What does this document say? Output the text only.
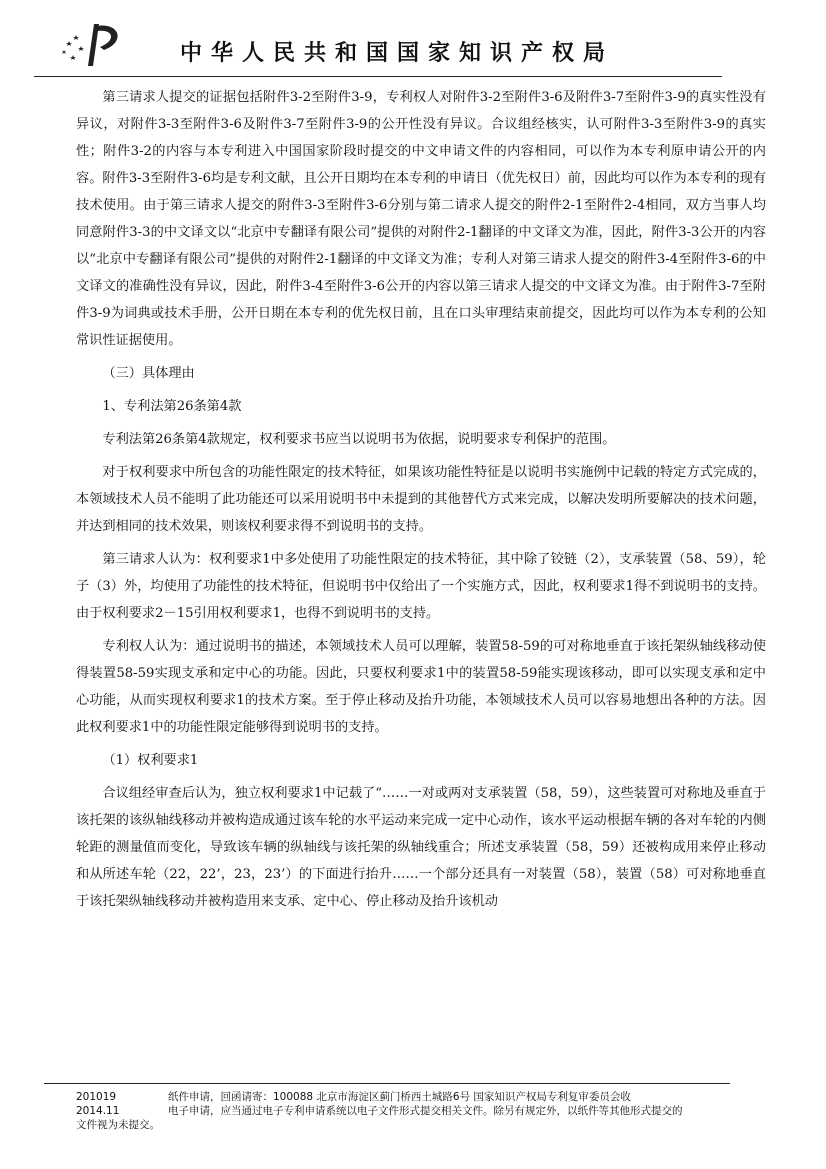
中华人民共和国国家知识产权局

第三请求人提交的证据包括附件3-2至附件3-9，专利权人对附件3-2至附件3-6及附件3-7至附件3-9的真实性没有异议，对附件3-3至附件3-6及附件3-7至附件3-9的公开性没有异议。合议组经核实，认可附件3-3至附件3-9的真实性；附件3-2的内容与本专利进入中国国家阶段时提交的中文申请文件的内容相同，可以作为本专利原申请公开的内容。附件3-3至附件3-6均是专利文献，且公开日期均在本专利的申请日（优先权日）前，因此均可以作为本专利的现有技术使用。由于第三请求人提交的附件3-3至附件3-6分别与第二请求人提交的附件2-1至附件2-4相同，双方当事人均同意附件3-3的中文译文以“北京中专翻译有限公司”提供的对附件2-1翻译的中文译文为准，因此，附件3-3公开的内容以“北京中专翻译有限公司”提供的对附件2-1翻译的中文译文为准；专利人对第三请求人提交的附件3-4至附件3-6的中文译文的准确性没有异议，因此，附件3-4至附件3-6公开的内容以第三请求人提交的中文译文为准。由于附件3-7至附件3-9为词典或技术手册，公开日期在本专利的优先权日前，且在口头审理结束前提交，因此均可以作为本专利的公知常识性证据使用。

（三）具体理由

1、专利法第26条第4款

专利法第26条第4款规定，权利要求书应当以说明书为依据，说明要求专利保护的范围。

对于权利要求中所包含的功能性限定的技术特征，如果该功能性特征是以说明书实施例中记载的特定方式完成的，本领域技术人员不能明了此功能还可以采用说明书中未提到的其他替代方式来完成，以解决发明所要解决的技术问题，并达到相同的技术效果，则该权利要求得不到说明书的支持。

第三请求人认为：权利要求1中多处使用了功能性限定的技术特征，其中除了铰链（2），支承装置（58、59），轮子（3）外，均使用了功能性的技术特征，但说明书中仅给出了一个实施方式，因此，权利要求1得不到说明书的支持。由于权利要求2－15引用权利要求1，也得不到说明书的支持。

专利权人认为：通过说明书的描述，本领域技术人员可以理解，装置58-59的可对称地垂直于该托架纵轴线移动使得装置58-59实现支承和定中心的功能。因此，只要权利要求1中的装置58-59能实现该移动，即可以实现支承和定中心功能，从而实现权利要求1的技术方案。至于停止移动及抬升功能，本领域技术人员可以容易地想出各种的方法。因此权利要求1中的功能性限定能够得到说明书的支持。

（1）权利要求1

合议组经审查后认为，独立权利要求1中记载了“……一对或两对支承装置（58，59），这些装置可对称地及垂直于该托架的该纵轴线移动并被构造成通过该车轮的水平运动来完成一定中心动作，该水平运动根据车辆的各对车轮的内侧轮距的测量值而变化，导致该车辆的纵轴线与该托架的纵轴线重合；所述支承装置（58，59）还被构成用来停止移动和从所述车轮（22，22’，23，23’）的下面进行抬升……一个部分还具有一对装置（58），装置（58）可对称地垂直于该托架纵轴线移动并被构造用来支承、定中心、停止移动及抬升该机动

201019	纸件申请，回函请寄：100088 北京市海淀区蓟门桥西土城路6号 国家知识产权局专利复审委员会收
2014.11	电子申请，应当通过电子专利申请系统以电子文件形式提交相关文件。除另有规定外，以纸件等其他形式提交的

文件视为未提交。
